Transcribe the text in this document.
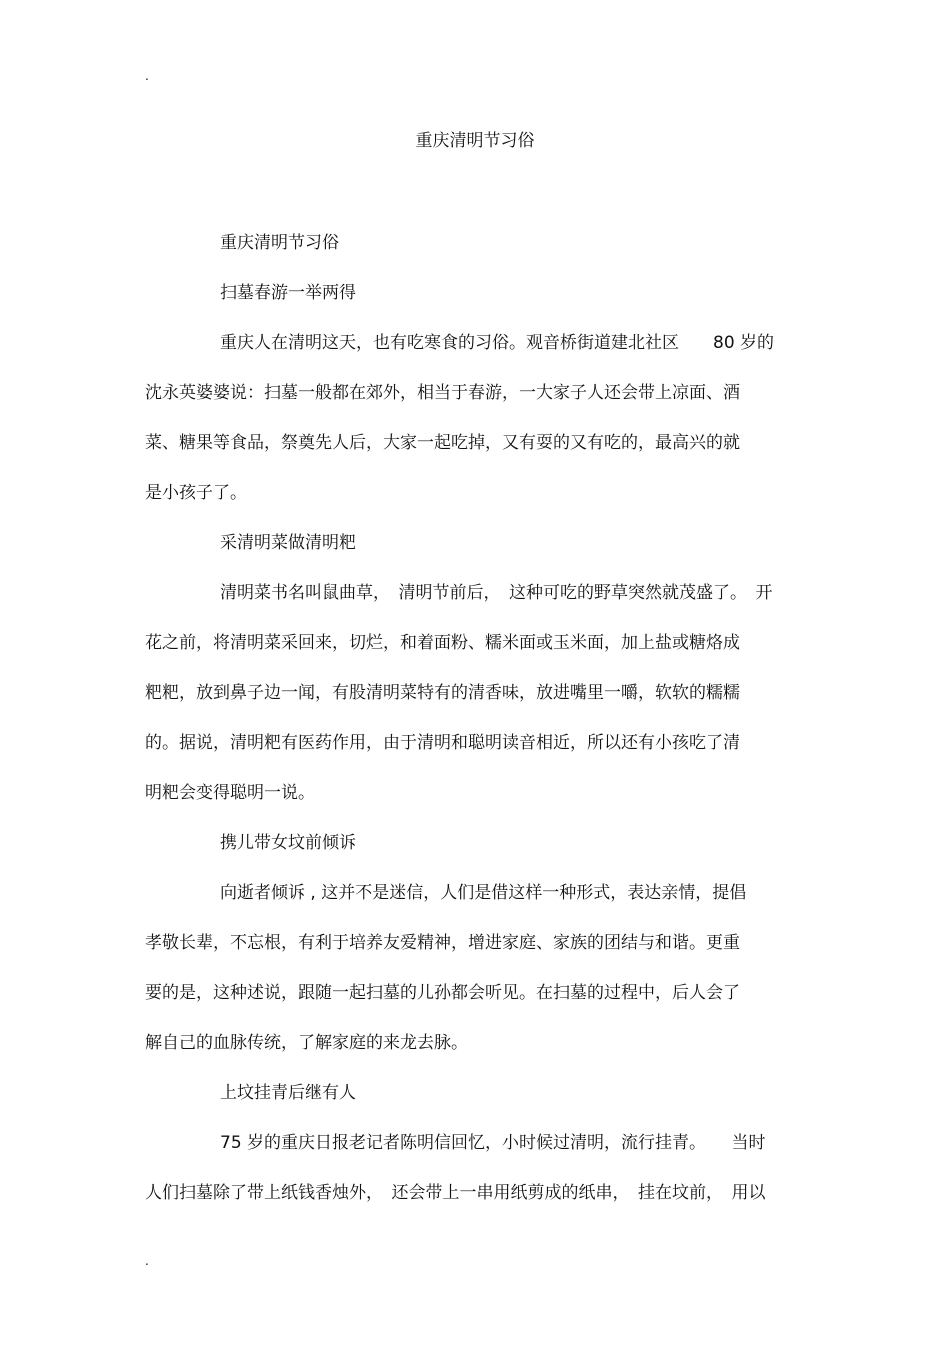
.
重庆清明节习俗
重庆清明节习俗
扫墓春游一举两得
重庆人在清明这天，也有吃寒食的习俗。观音桥街道建北社区　　80 岁的
沈永英婆婆说：扫墓一般都在郊外，相当于春游，一大家子人还会带上凉面、酒
菜、糖果等食品，祭奠先人后，大家一起吃掉，又有耍的又有吃的，最高兴的就
是小孩子了。
采清明菜做清明粑
清明菜书名叫鼠曲草，　清明节前后，　这种可吃的野草突然就茂盛了。　开
花之前，将清明菜采回来，切烂，和着面粉、糯米面或玉米面，加上盐或糖烙成
粑粑，放到鼻子边一闻，有股清明菜特有的清香味，放进嘴里一嚼，软软的糯糯
的。据说，清明粑有医药作用，由于清明和聪明读音相近，所以还有小孩吃了清
明粑会变得聪明一说。
携儿带女坟前倾诉
向逝者倾诉 , 这并不是迷信，人们是借这样一种形式，表达亲情，提倡
孝敬长辈，不忘根，有利于培养友爱精神，增进家庭、家族的团结与和谐。更重
要的是，这种述说，跟随一起扫墓的儿孙都会听见。在扫墓的过程中，后人会了
解自己的血脉传统，了解家庭的来龙去脉。
上坟挂青后继有人
75 岁的重庆日报老记者陈明信回忆，小时候过清明，流行挂青。　　当时
人们扫墓除了带上纸钱香烛外，　还会带上一串用纸剪成的纸串，　挂在坟前，　用以
.
